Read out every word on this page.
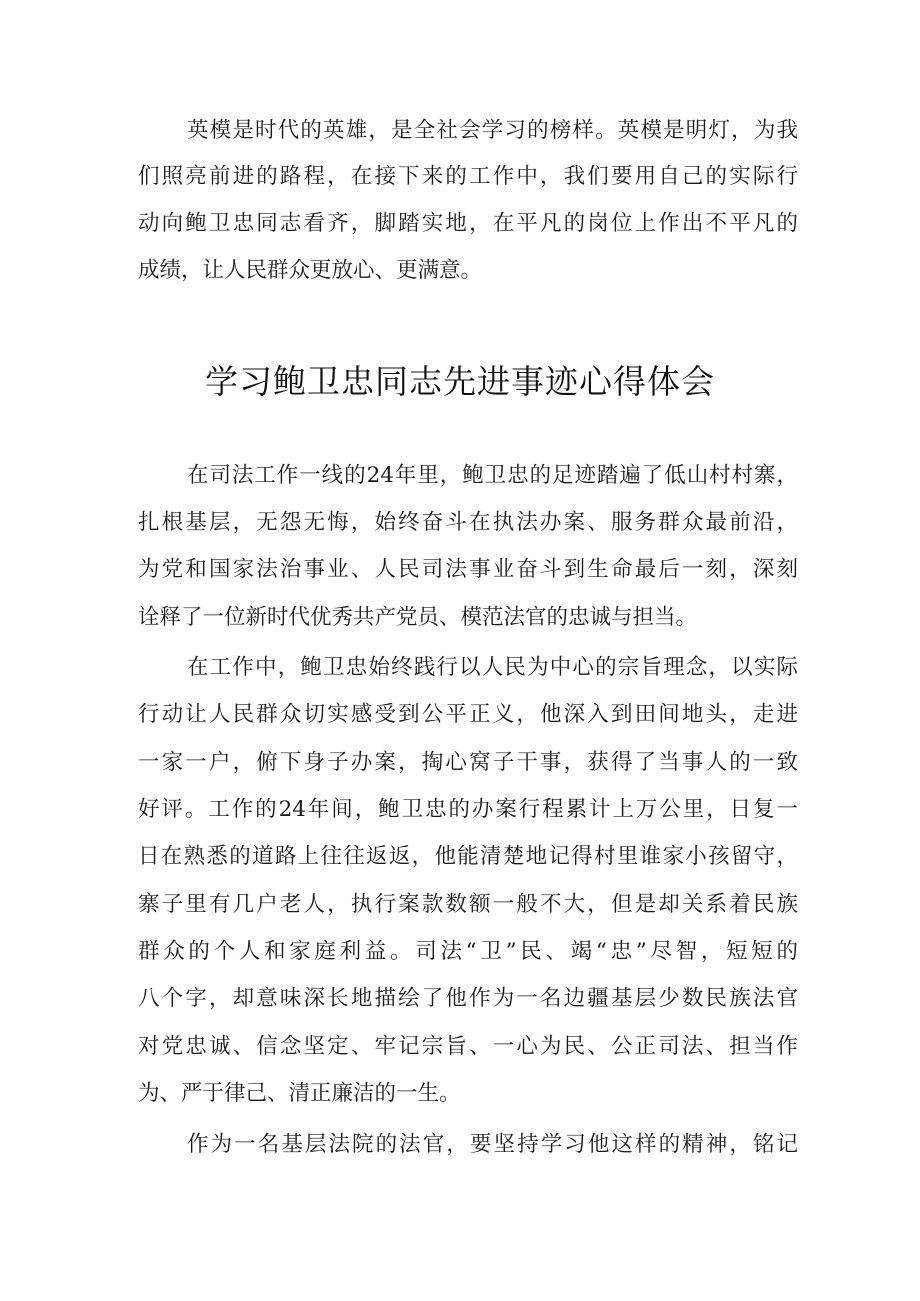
英模是时代的英雄，是全社会学习的榜样。英模是明灯，为我
们照亮前进的路程，在接下来的工作中，我们要用自己的实际行
动向鲍卫忠同志看齐，脚踏实地，在平凡的岗位上作出不平凡的
成绩，让人民群众更放心、更满意。
学习鲍卫忠同志先进事迹心得体会
在司法工作一线的24年里，鲍卫忠的足迹踏遍了低山村村寨，
扎根基层，无怨无悔，始终奋斗在执法办案、服务群众最前沿，
为党和国家法治事业、人民司法事业奋斗到生命最后一刻，深刻
诠释了一位新时代优秀共产党员、模范法官的忠诚与担当。
在工作中，鲍卫忠始终践行以人民为中心的宗旨理念，以实际
行动让人民群众切实感受到公平正义，他深入到田间地头，走进
一家一户，俯下身子办案，掏心窝子干事，获得了当事人的一致
好评。工作的24年间，鲍卫忠的办案行程累计上万公里，日复一
日在熟悉的道路上往往返返，他能清楚地记得村里谁家小孩留守，
寨子里有几户老人，执行案款数额一般不大，但是却关系着民族
群众的个人和家庭利益。司法“卫”民、竭“忠”尽智，短短的
八个字，却意味深长地描绘了他作为一名边疆基层少数民族法官
对党忠诚、信念坚定、牢记宗旨、一心为民、公正司法、担当作
为、严于律己、清正廉洁的一生。
作为一名基层法院的法官，要坚持学习他这样的精神，铭记
